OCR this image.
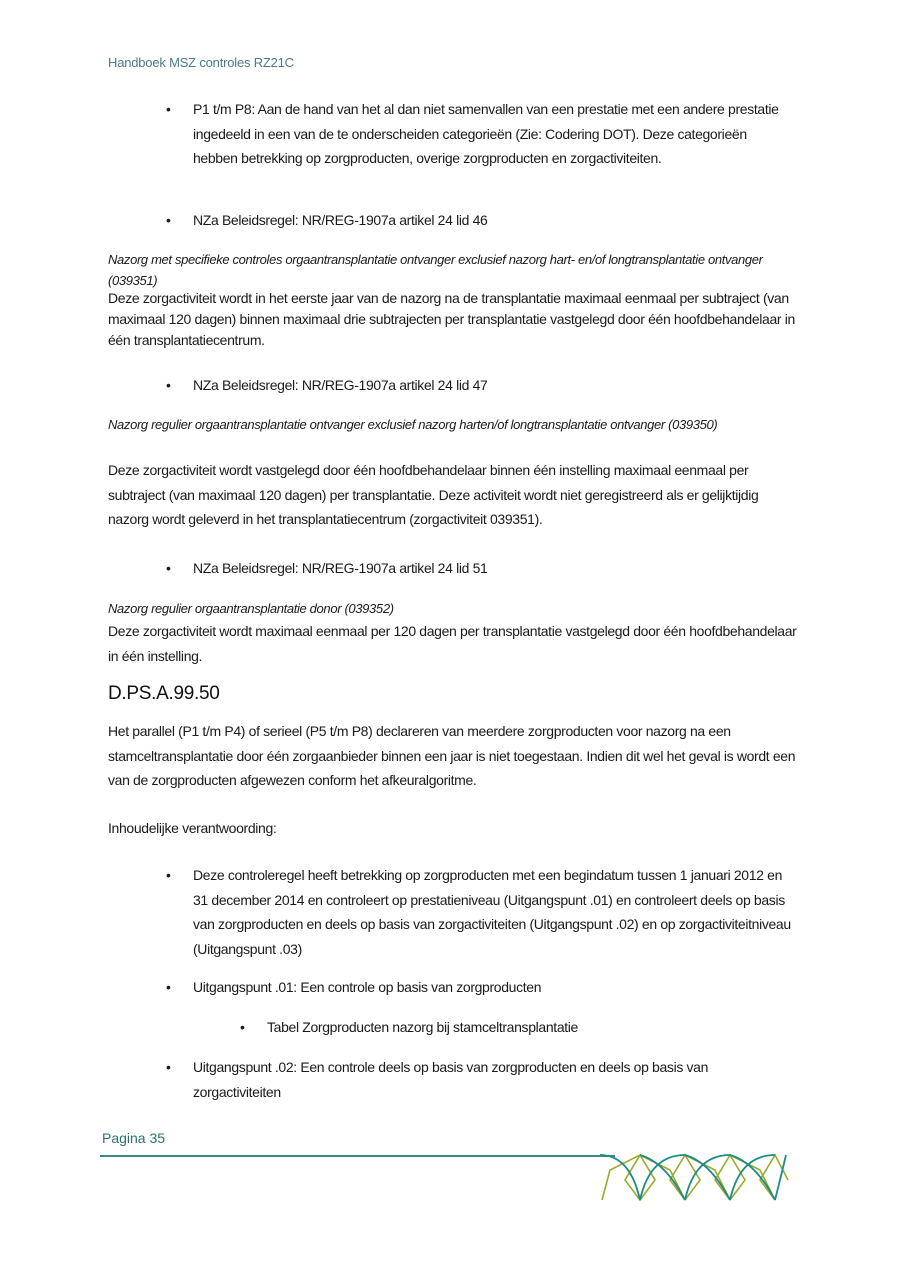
Handboek MSZ controles RZ21C
• P1 t/m P8: Aan de hand van het al dan niet samenvallen van een prestatie met een andere prestatie ingedeeld in een van de te onderscheiden categorieën (Zie: Codering DOT). Deze categorieën hebben betrekking op zorgproducten, overige zorgproducten en zorgactiviteiten.
• NZa Beleidsregel: NR/REG-1907a artikel 24 lid 46
Nazorg met specifieke controles orgaantransplantatie ontvanger exclusief nazorg hart- en/of longtransplantatie ontvanger (039351)
Deze zorgactiviteit wordt in het eerste jaar van de nazorg na de transplantatie maximaal eenmaal per subtraject (van maximaal 120 dagen) binnen maximaal drie subtrajecten per transplantatie vastgelegd door één hoofdbehandelaar in één transplantatiecentrum.
• NZa Beleidsregel: NR/REG-1907a artikel 24 lid 47
Nazorg regulier orgaantransplantatie ontvanger exclusief nazorg harten/of longtransplantatie ontvanger (039350)
Deze zorgactiviteit wordt vastgelegd door één hoofdbehandelaar binnen één instelling maximaal eenmaal per subtraject (van maximaal 120 dagen) per transplantatie. Deze activiteit wordt niet geregistreerd als er gelijktijdig nazorg wordt geleverd in het transplantatiecentrum (zorgactiviteit 039351).
• NZa Beleidsregel: NR/REG-1907a artikel 24 lid 51
Nazorg regulier orgaantransplantatie donor (039352)
Deze zorgactiviteit wordt maximaal eenmaal per 120 dagen per transplantatie vastgelegd door één hoofdbehandelaar in één instelling.
D.PS.A.99.50
Het parallel (P1 t/m P4) of serieel (P5 t/m P8) declareren van meerdere zorgproducten voor nazorg na een stamceltransplantatie door één zorgaanbieder binnen een jaar is niet toegestaan. Indien dit wel het geval is wordt een van de zorgproducten afgewezen conform het afkeuralgoritme.
Inhoudelijke verantwoording:
• Deze controleregel heeft betrekking op zorgproducten met een begindatum tussen 1 januari 2012 en 31 december 2014 en controleert op prestatieniveau (Uitgangspunt .01) en controleert deels op basis van zorgproducten en deels op basis van zorgactiviteiten (Uitgangspunt .02) en op zorgactiviteitniveau (Uitgangspunt .03)
• Uitgangspunt .01: Een controle op basis van zorgproducten
• Tabel Zorgproducten nazorg bij stamceltransplantatie
• Uitgangspunt .02: Een controle deels op basis van zorgproducten en deels op basis van zorgactiviteiten
Pagina 35
